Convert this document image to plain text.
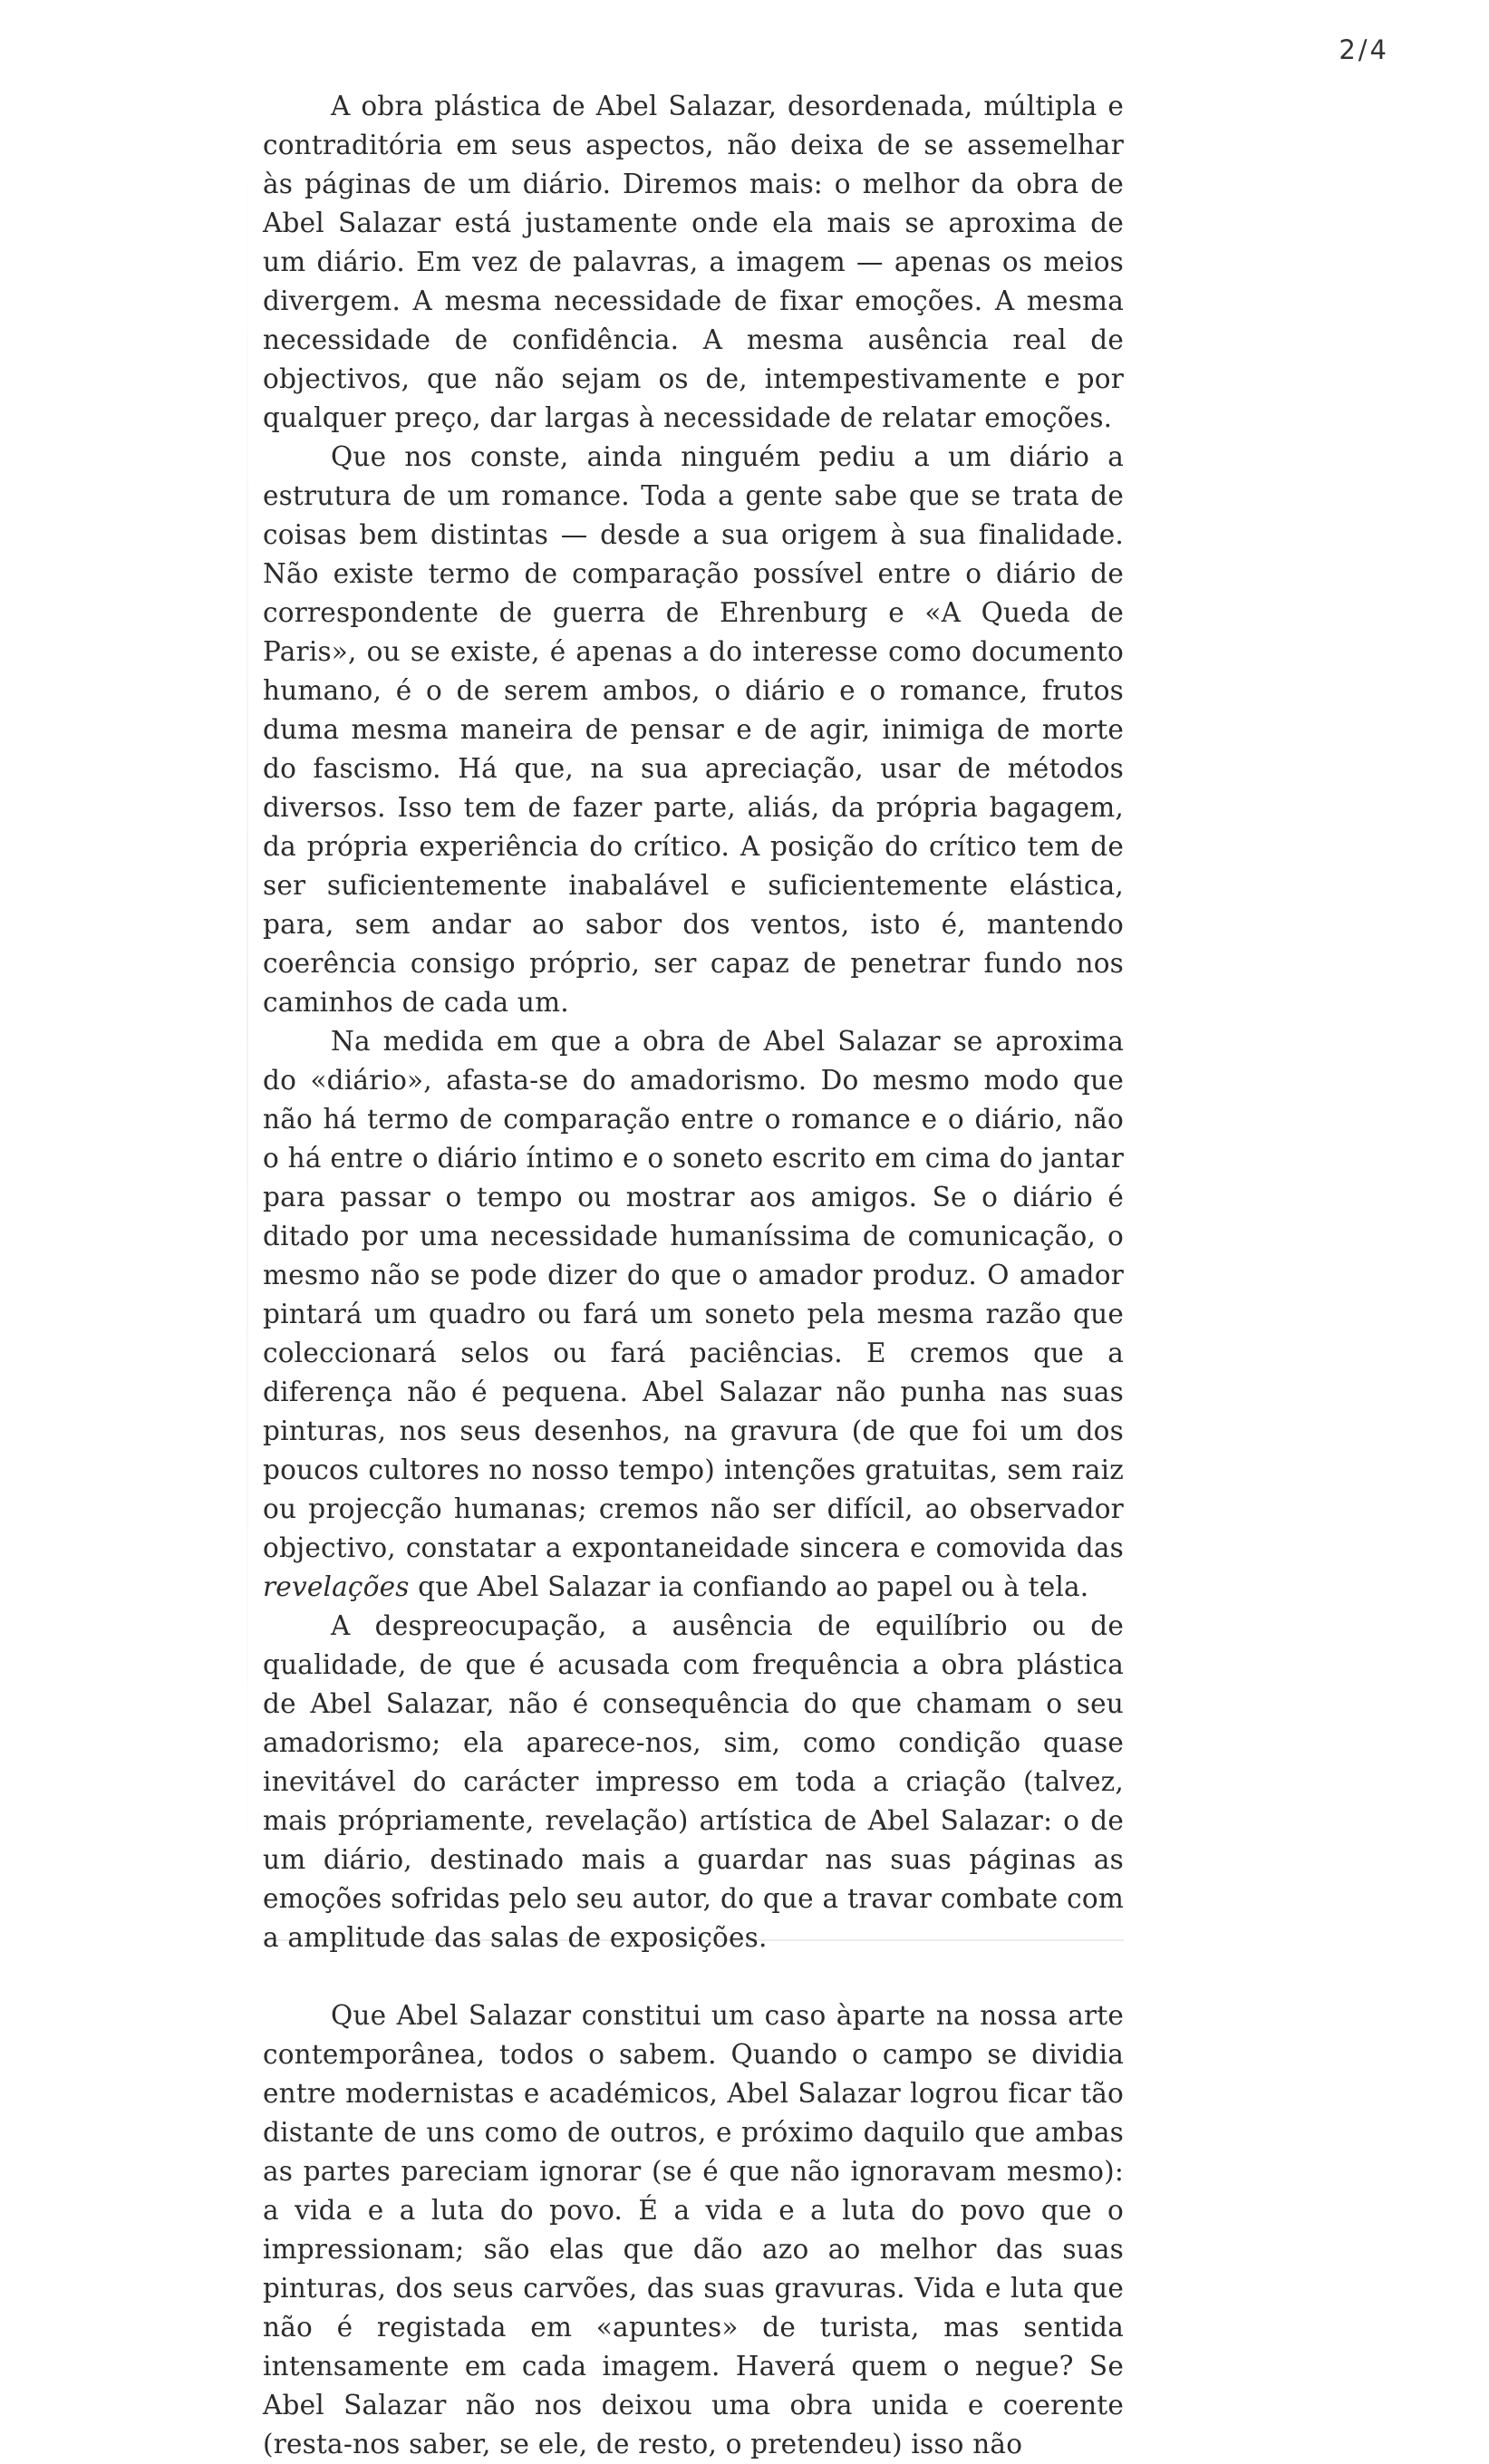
2/4

A obra plástica de Abel Salazar, desordenada, múltipla e contraditória em seus aspectos, não deixa de se assemelhar às páginas de um diário. Diremos mais: o melhor da obra de Abel Salazar está justamente onde ela mais se aproxima de um diário. Em vez de palavras, a imagem — apenas os meios divergem. A mesma necessidade de fixar emoções. A mesma necessidade de confidência. A mesma ausência real de objectivos, que não sejam os de, intempestivamente e por qualquer preço, dar largas à necessidade de relatar emoções.

Que nos conste, ainda ninguém pediu a um diário a estrutura de um romance. Toda a gente sabe que se trata de coisas bem distintas — desde a sua origem à sua finalidade. Não existe termo de comparação possível entre o diário de correspondente de guerra de Ehrenburg e «A Queda de Paris», ou se existe, é apenas a do interesse como documento humano, é o de serem ambos, o diário e o romance, frutos duma mesma maneira de pensar e de agir, inimiga de morte do fascismo. Há que, na sua apreciação, usar de métodos diversos. Isso tem de fazer parte, aliás, da própria bagagem, da própria experiência do crítico. A posição do crítico tem de ser suficientemente inabalável e suficientemente elástica, para, sem andar ao sabor dos ventos, isto é, mantendo coerência consigo próprio, ser capaz de penetrar fundo nos caminhos de cada um.

Na medida em que a obra de Abel Salazar se aproxima do «diário», afasta-se do amadorismo. Do mesmo modo que não há termo de comparação entre o romance e o diário, não o há entre o diário íntimo e o soneto escrito em cima do jantar para passar o tempo ou mostrar aos amigos. Se o diário é ditado por uma necessidade humaníssima de comunicação, o mesmo não se pode dizer do que o amador produz. O amador pintará um quadro ou fará um soneto pela mesma razão que coleccionará selos ou fará paciências. E cremos que a diferença não é pequena. Abel Salazar não punha nas suas pinturas, nos seus desenhos, na gravura (de que foi um dos poucos cultores no nosso tempo) intenções gratuitas, sem raiz ou projecção humanas; cremos não ser difícil, ao observador objectivo, constatar a expontaneidade sincera e comovida das revelações que Abel Salazar ia confiando ao papel ou à tela.

A despreocupação, a ausência de equilíbrio ou de qualidade, de que é acusada com frequência a obra plástica de Abel Salazar, não é consequência do que chamam o seu amadorismo; ela aparece-nos, sim, como condição quase inevitável do carácter impresso em toda a criação (talvez, mais própriamente, revelação) artística de Abel Salazar: o de um diário, destinado mais a guardar nas suas páginas as emoções sofridas pelo seu autor, do que a travar combate com a amplitude das salas de exposições.

Que Abel Salazar constitui um caso àparte na nossa arte contemporânea, todos o sabem. Quando o campo se dividia entre modernistas e académicos, Abel Salazar logrou ficar tão distante de uns como de outros, e próximo daquilo que ambas as partes pareciam ignorar (se é que não ignoravam mesmo): a vida e a luta do povo. É a vida e a luta do povo que o impressionam; são elas que dão azo ao melhor das suas pinturas, dos seus carvões, das suas gravuras. Vida e luta que não é registada em «apuntes» de turista, mas sentida intensamente em cada imagem. Haverá quem o negue? Se Abel Salazar não nos deixou uma obra unida e coerente (resta-nos saber, se ele, de resto, o pretendeu) isso não
